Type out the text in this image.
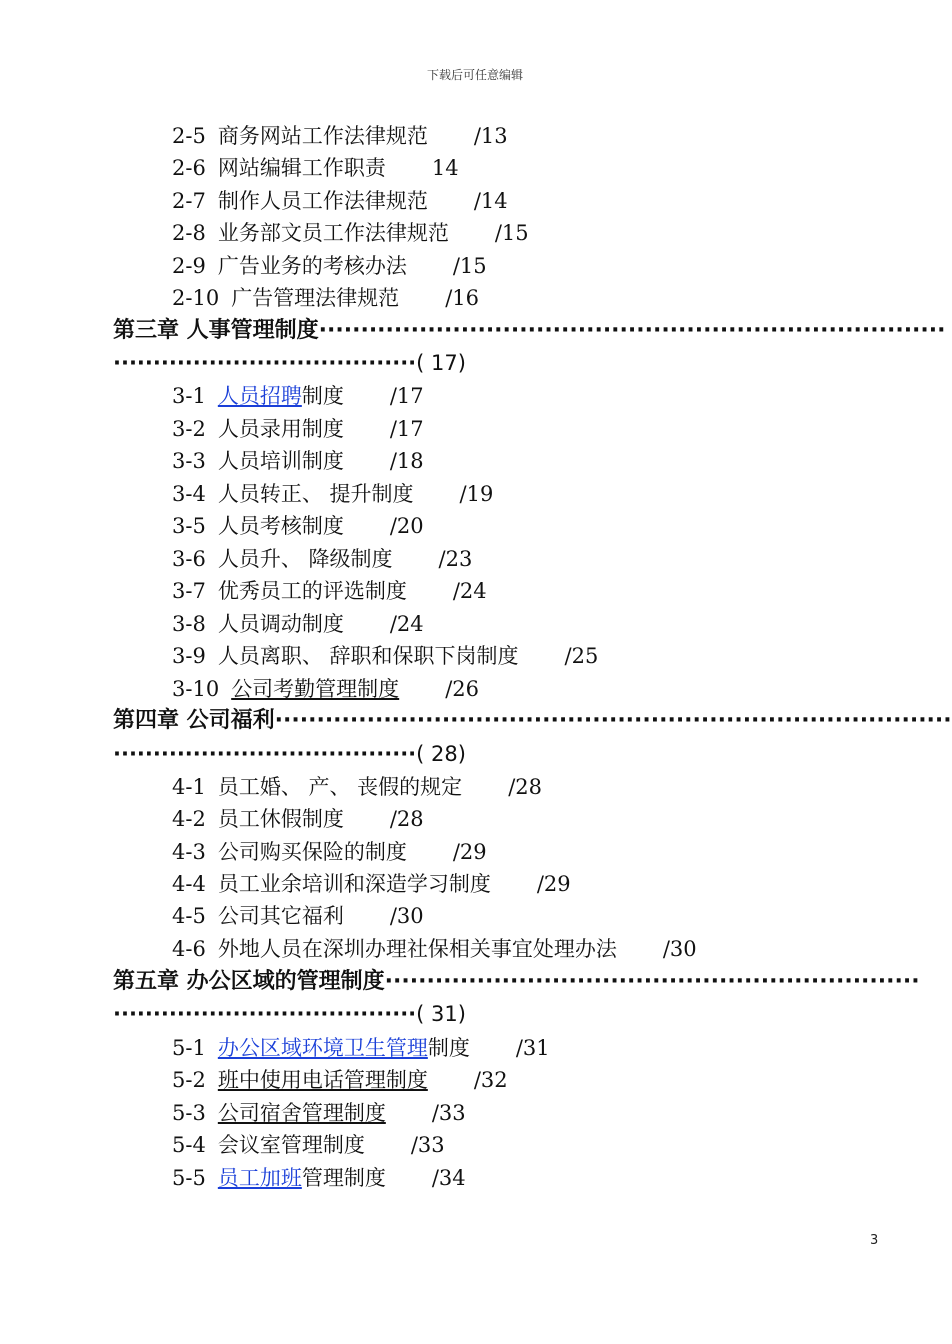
下载后可任意编辑
2-5 商务网站工作法律规范 /13
2-6 网站编辑工作职责 14
2-7 制作人员工作法律规范 /14
2-8 业务部文员工作法律规范 /15
2-9 广告业务的考核办法 /15
2-10 广告管理法律规范 /16
第三章 人事管理制度···········································································
······································( 17)
3-1 人员招聘制度 /17
3-2 人员录用制度 /17
3-3 人员培训制度 /18
3-4 人员转正、 提升制度 /19
3-5 人员考核制度 /20
3-6 人员升、 降级制度 /23
3-7 优秀员工的评选制度 /24
3-8 人员调动制度 /24
3-9 人员离职、 辞职和保职下岗制度 /25
3-10 公司考勤管理制度 /26
第四章 公司福利·················································································
······································( 28)
4-1 员工婚、 产、 丧假的规定 /28
4-2 员工休假制度 /28
4-3 公司购买保险的制度 /29
4-4 员工业余培训和深造学习制度 /29
4-5 公司其它福利 /30
4-6 外地人员在深圳办理社保相关事宜处理办法 /30
第五章 办公区域的管理制度································································
······································( 31)
5-1 办公区域环境卫生管理制度 /31
5-2 班中使用电话管理制度 /32
5-3 公司宿舍管理制度 /33
5-4 会议室管理制度 /33
5-5 员工加班管理制度 /34
3
